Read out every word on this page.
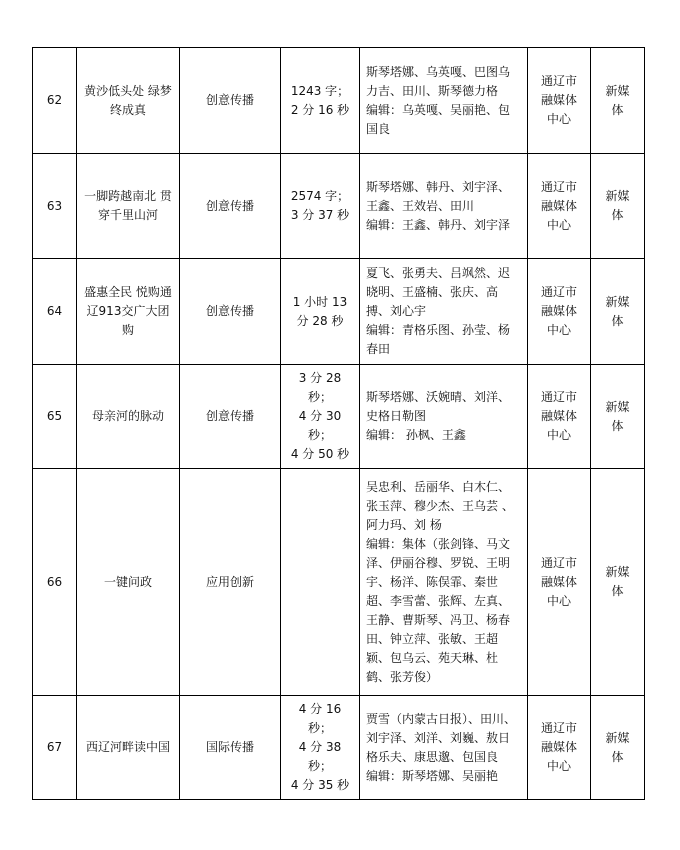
62	黄沙低头处 绿梦终成真	创意传播	1243 字；
2 分 16 秒	斯琴塔娜、乌英嘎、巴图乌力吉、田川、斯琴德力格
编辑：乌英嘎、吴丽艳、包国良	通辽市融媒体中心	新媒体
63	一脚跨越南北 贯穿千里山河	创意传播	2574 字；
3 分 37 秒	斯琴塔娜、韩丹、刘宇泽、王鑫、王效岩、田川
编辑：王鑫、韩丹、刘宇泽	通辽市融媒体中心	新媒体
64	盛惠全民 悦购通辽913交广大团购	创意传播	1 小时 13 分 28 秒	夏飞、张勇夫、吕飒然、迟晓明、王盛楠、张庆、高搏、刘心宇
编辑：青格乐图、孙莹、杨春田	通辽市融媒体中心	新媒体
65	母亲河的脉动	创意传播	3 分 28 秒；
4 分 30 秒；
4 分 50 秒	斯琴塔娜、沃婉晴、刘洋、史格日勒图
编辑： 孙枫、王鑫	通辽市融媒体中心	新媒体
66	一键问政	应用创新		吴忠利、岳丽华、白木仁、张玉萍、穆少杰、王乌芸 、阿力玛、刘 杨
编辑：集体（张剑锋、马文泽、伊丽谷穆、罗锐、王明宇、杨洋、陈俣霏、秦世超、李雪蕾、张辉、左真、王静、曹斯琴、冯卫、杨春田、钟立萍、张敏、王超颖、包乌云、苑天琳、杜鹤、张芳俊）	通辽市融媒体中心	新媒体
67	西辽河畔读中国	国际传播	4 分 16 秒；
4 分 38 秒；
4 分 35 秒	贾雪（内蒙古日报）、田川、刘宇泽、刘洋、刘巍、敖日格乐夫、康思邈、包国良
编辑：斯琴塔娜、吴丽艳	通辽市融媒体中心	新媒体
